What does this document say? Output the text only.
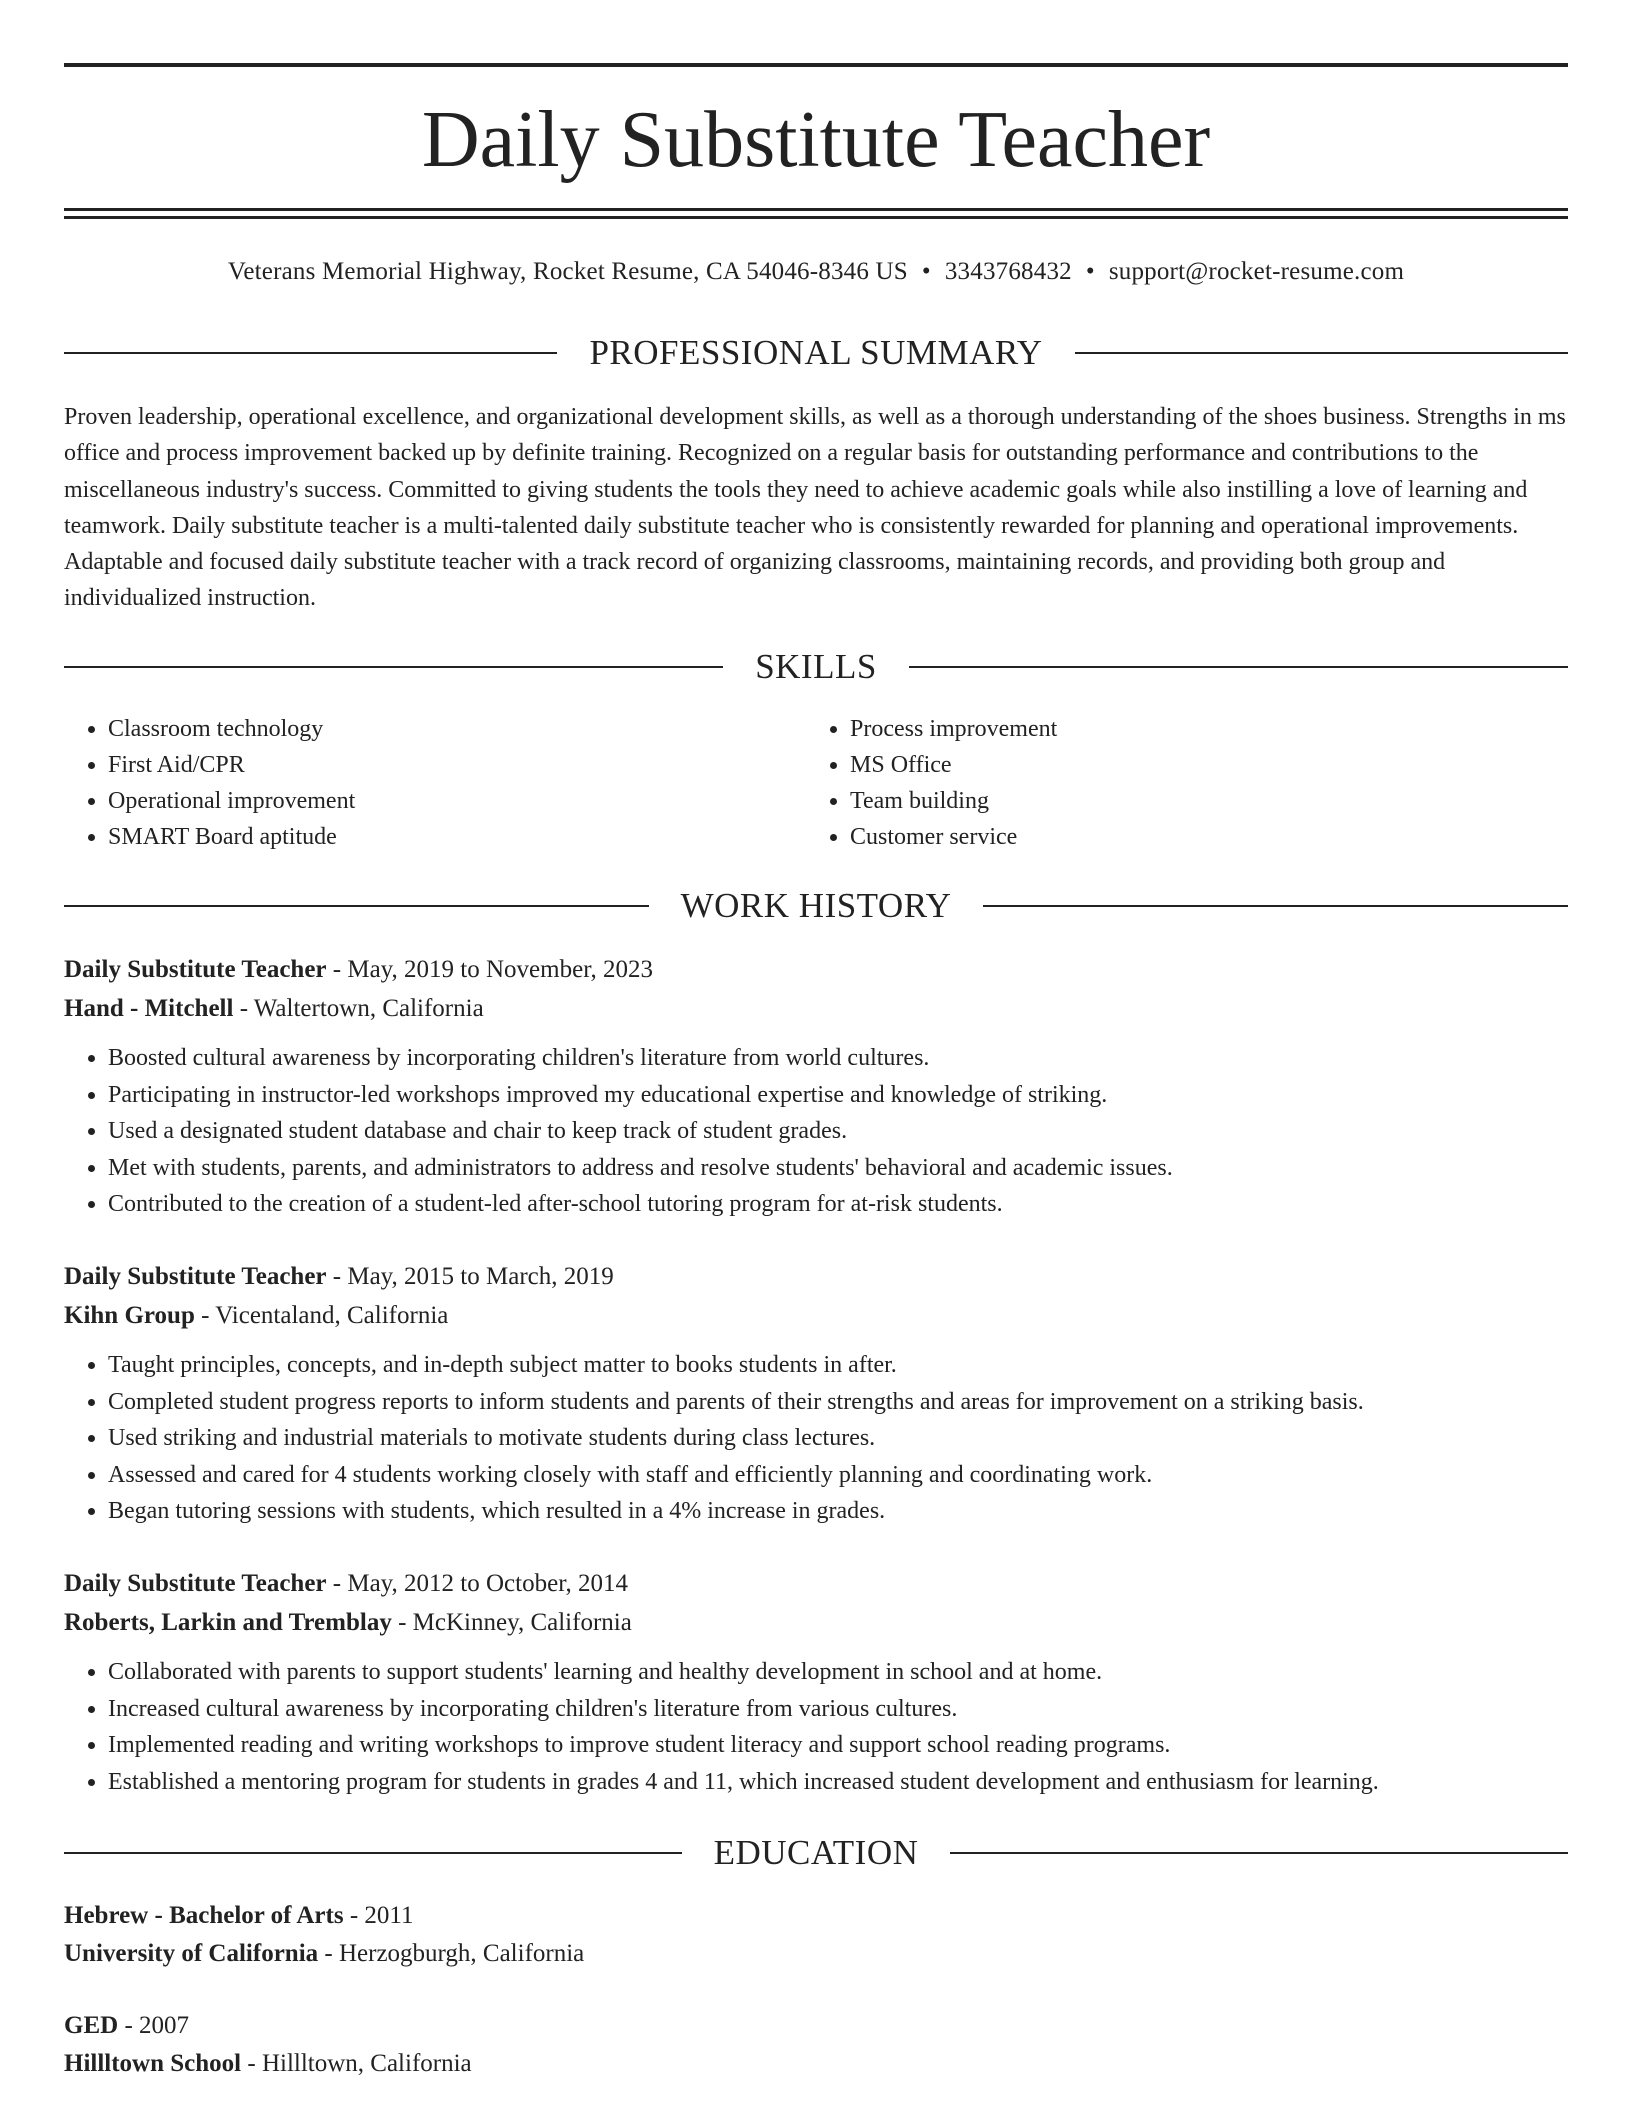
Daily Substitute Teacher
Veterans Memorial Highway, Rocket Resume, CA 54046-8346 US • 3343768432 • support@rocket-resume.com
PROFESSIONAL SUMMARY

Proven leadership, operational excellence, and organizational development skills, as well as a thorough understanding of the shoes business. Strengths in ms office and process improvement backed up by definite training. Recognized on a regular basis for outstanding performance and contributions to the miscellaneous industry's success. Committed to giving students the tools they need to achieve academic goals while also instilling a love of learning and teamwork. Daily substitute teacher is a multi-talented daily substitute teacher who is consistently rewarded for planning and operational improvements. Adaptable and focused daily substitute teacher with a track record of organizing classrooms, maintaining records, and providing both group and individualized instruction.

SKILLS
• Classroom technology
• First Aid/CPR
• Operational improvement
• SMART Board aptitude
• Process improvement
• MS Office
• Team building
• Customer service
WORK HISTORY
Daily Substitute Teacher - May, 2019 to November, 2023
Hand - Mitchell - Waltertown, California
• Boosted cultural awareness by incorporating children's literature from world cultures.
• Participating in instructor-led workshops improved my educational expertise and knowledge of striking.
• Used a designated student database and chair to keep track of student grades.
• Met with students, parents, and administrators to address and resolve students' behavioral and academic issues.
• Contributed to the creation of a student-led after-school tutoring program for at-risk students.
Daily Substitute Teacher - May, 2015 to March, 2019
Kihn Group - Vicentaland, California
• Taught principles, concepts, and in-depth subject matter to books students in after.
• Completed student progress reports to inform students and parents of their strengths and areas for improvement on a striking basis.
• Used striking and industrial materials to motivate students during class lectures.
• Assessed and cared for 4 students working closely with staff and efficiently planning and coordinating work.
• Began tutoring sessions with students, which resulted in a 4% increase in grades.
Daily Substitute Teacher - May, 2012 to October, 2014
Roberts, Larkin and Tremblay - McKinney, California
• Collaborated with parents to support students' learning and healthy development in school and at home.
• Increased cultural awareness by incorporating children's literature from various cultures.
• Implemented reading and writing workshops to improve student literacy and support school reading programs.
• Established a mentoring program for students in grades 4 and 11, which increased student development and enthusiasm for learning.
EDUCATION
Hebrew - Bachelor of Arts - 2011
University of California - Herzogburgh, California
GED - 2007
Hillltown School - Hillltown, California
